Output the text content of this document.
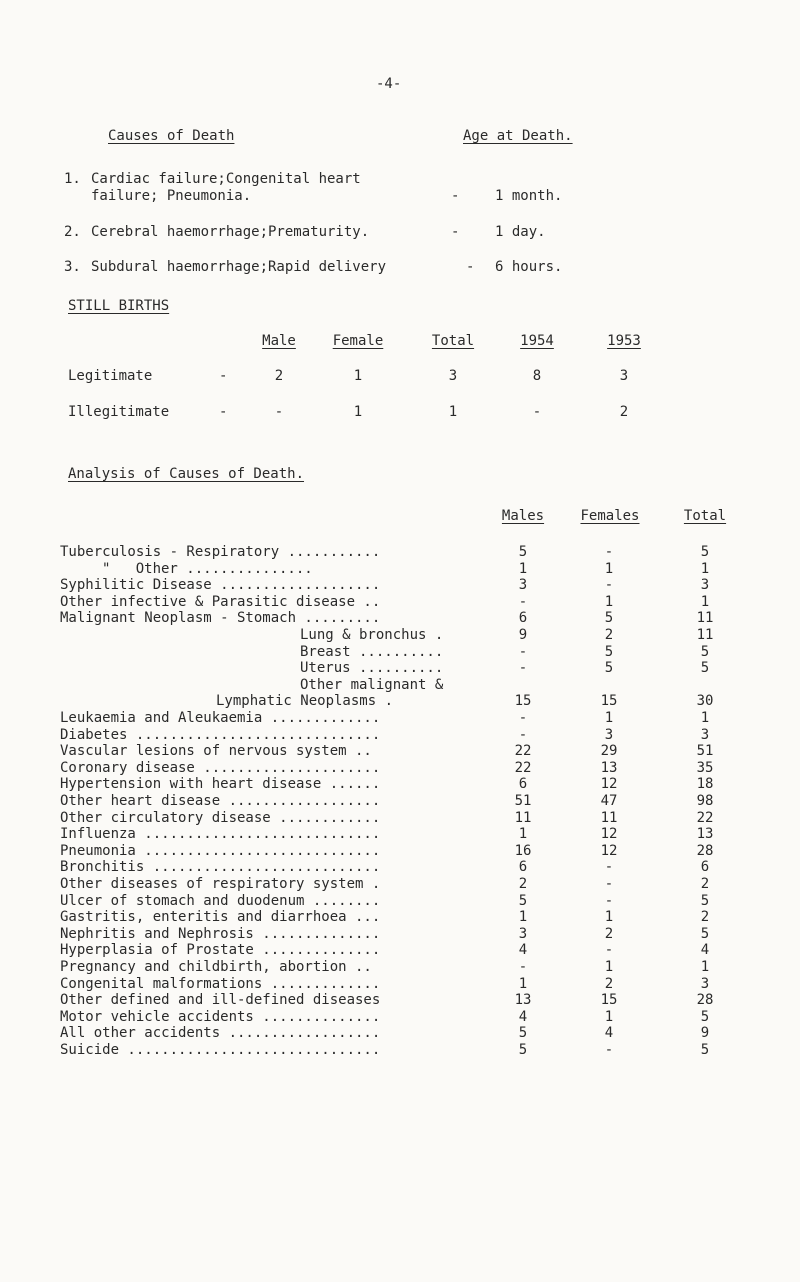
-4-
Causes of Death	Age at Death.
1. Cardiac failure;Congenital heart
failure; Pneumonia.	-	1 month.
2. Cerebral haemorrhage;Prematurity.	-	1 day.
3. Subdural haemorrhage;Rapid delivery	- 6 hours.
STILL BIRTHS
Male	Female	Total	1954	1953
Legitimate	-	2	1	3	8	3
Illegitimate	-	-	1	1	-	2
Analysis of Causes of Death.
Males	Females	Total
Tuberculosis - Respiratory ...........	5	-	5
"   Other ...............	1	1	1
Syphilitic Disease ...................	3	-	3
Other infective & Parasitic disease ..	-	1	1
Malignant Neoplasm - Stomach .........	6	5	11
Lung & bronchus .	9	2	11
Breast ..........	-	5	5
Uterus ..........	-	5	5
Other malignant &
Lymphatic Neoplasms .	15	15	30
Leukaemia and Aleukaemia .............	-	1	1
Diabetes .............................	-	3	3
Vascular lesions of nervous system ..	22	29	51
Coronary disease .....................	22	13	35
Hypertension with heart disease ......	6	12	18
Other heart disease ..................	51	47	98
Other circulatory disease ............	11	11	22
Influenza ............................	1	12	13
Pneumonia ............................	16	12	28
Bronchitis ...........................	6	-	6
Other diseases of respiratory system .	2	-	2
Ulcer of stomach and duodenum ........	5	-	5
Gastritis, enteritis and diarrhoea ...	1	1	2
Nephritis and Nephrosis ..............	3	2	5
Hyperplasia of Prostate ..............	4	-	4
Pregnancy and childbirth, abortion ..	-	1	1
Congenital malformations .............	1	2	3
Other defined and ill-defined diseases	13	15	28
Motor vehicle accidents ..............	4	1	5
All other accidents ..................	5	4	9
Suicide ..............................	5	-	5
